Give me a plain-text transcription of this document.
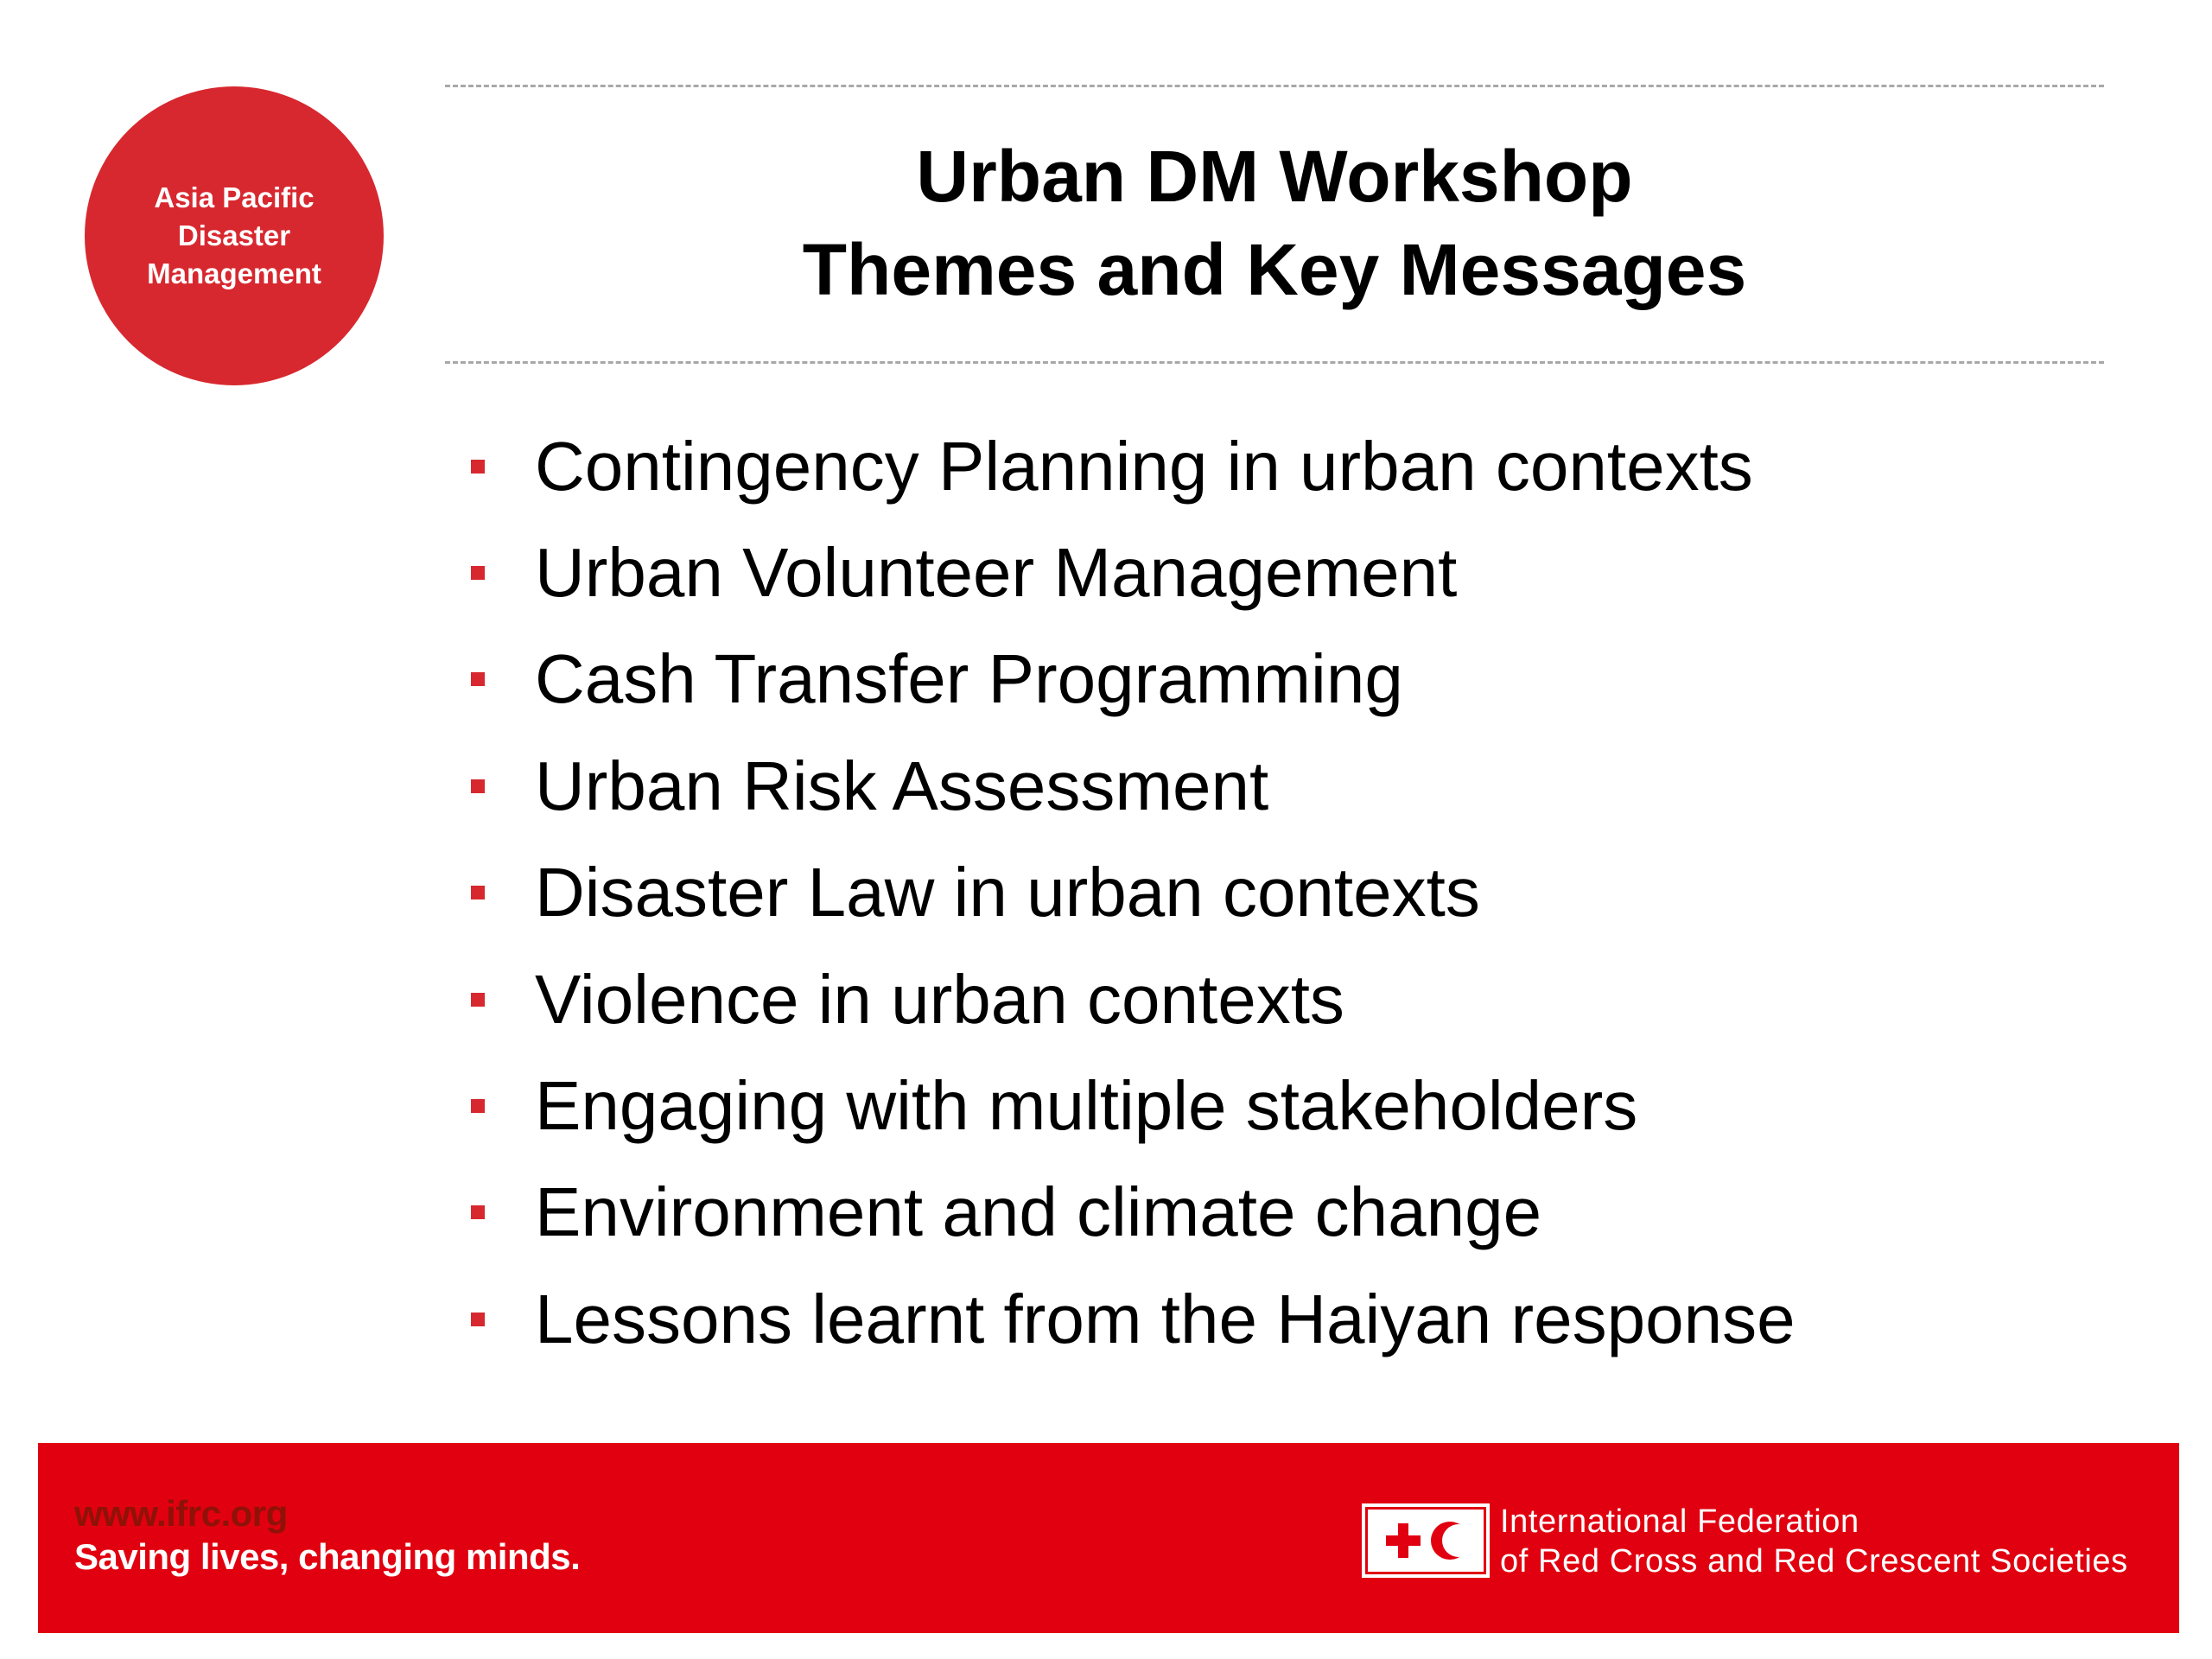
Asia Pacific
Disaster
Management
Urban DM Workshop
Themes and Key Messages
Contingency Planning in urban contexts
Urban Volunteer Management
Cash Transfer Programming
Urban Risk Assessment
Disaster Law in urban contexts
Violence in urban contexts
Engaging with multiple stakeholders
Environment and climate change
Lessons learnt from the Haiyan response
www.ifrc.org
Saving lives, changing minds.
International Federation
of Red Cross and Red Crescent Societies
